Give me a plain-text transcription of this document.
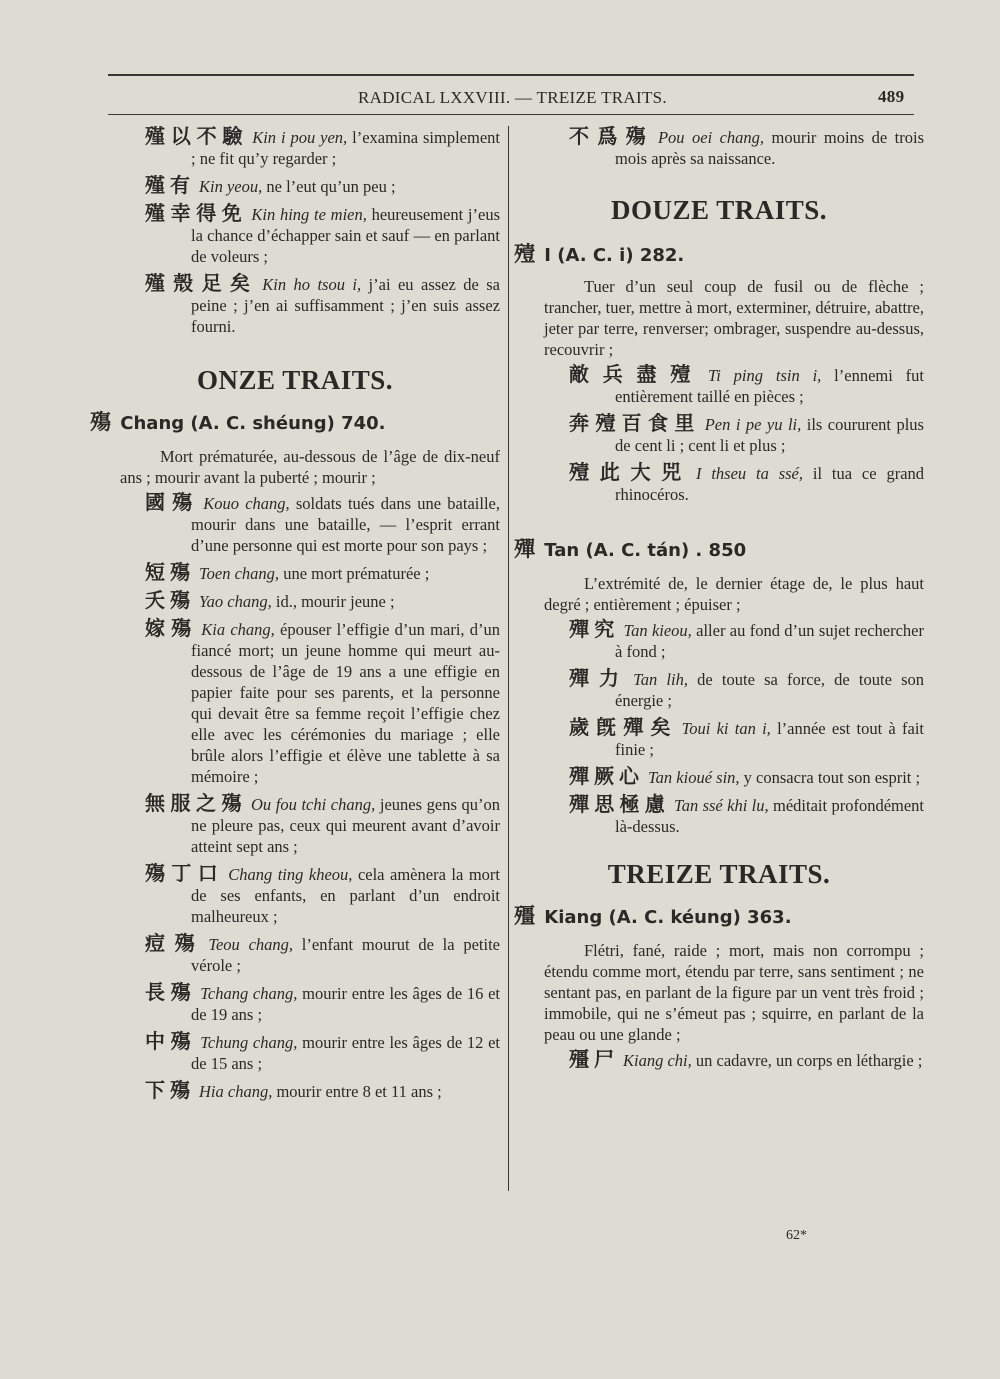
RADICAL LXXVIII. — TREIZE TRAITS.	489
殣以不驗 Kin i pou yen, l’examina simplement ; ne fit qu’y regarder ;
殣有 Kin yeou, ne l’eut qu’un peu ;
殣幸得免 Kin hing te mien, heureusement j’eus la chance d’échapper sain et sauf — en parlant de voleurs ;
殣殼足矣 Kin ho tsou i, j’ai eu assez de sa peine ; j’en ai suffisamment ; j’en suis assez fourni.
ONZE TRAITS.
殤 Chang (A. C. shéung) 740.

Mort prématurée, au-dessous de l’âge de dix-neuf ans ; mourir avant la puberté ; mourir ;

國殤 Kouo chang, soldats tués dans une bataille, mourir dans une bataille, — l’esprit errant d’une personne qui est morte pour son pays ;
短殤 Toen chang, une mort prématurée ;
夭殤 Yao chang, id., mourir jeune ;
嫁殤 Kia chang, épouser l’effigie d’un mari, d’un fiancé mort; un jeune homme qui meurt au-dessous de l’âge de 19 ans a une effigie en papier faite pour ses parents, et la personne qui devait être sa femme reçoit l’effigie chez elle avec les cérémonies du mariage ; elle brûle alors l’effigie et élève une tablette à sa mémoire ;
無服之殤 Ou fou tchi chang, jeunes gens qu’on ne pleure pas, ceux qui meurent avant d’avoir atteint sept ans ;
殤丁口 Chang ting kheou, cela amènera la mort de ses enfants, en parlant d’un endroit malheureux ;
痘殤 Teou chang, l’enfant mourut de la petite vérole ;
長殤 Tchang chang, mourir entre les âges de 16 et de 19 ans ;
中殤 Tchung chang, mourir entre les âges de 12 et de 15 ans ;
下殤 Hia chang, mourir entre 8 et 11 ans ;
不爲殤 Pou oei chang, mourir moins de trois mois après sa naissance.
DOUZE TRAITS.
殪 I (A. C. i) 282.

Tuer d’un seul coup de fusil ou de flèche ; trancher, tuer, mettre à mort, exterminer, détruire, abattre, jeter par terre, renverser; ombrager, suspendre au-dessus, recouvrir ;

敵兵盡殪 Ti ping tsin i, l’ennemi fut entièrement taillé en pièces ;
奔殪百食里 Pen i pe yu li, ils coururent plus de cent li ; cent li et plus ;
殪此大兕 I thseu ta ssé, il tua ce grand rhinocéros.
殫 Tan (A. C. tán) . 850

L’extrémité de, le dernier étage de, le plus haut degré ; entièrement ; épuiser ;

殫究 Tan kieou, aller au fond d’un sujet rechercher à fond ;
殫力 Tan lih, de toute sa force, de toute son énergie ;
歲旣殫矣 Toui ki tan i, l’année est tout à fait finie ;
殫厥心 Tan kioué sin, y consacra tout son esprit ;
殫思極慮 Tan ssé khi lu, méditait profondément là-dessus.
TREIZE TRAITS.
殭 Kiang (A. C. kéung) 363.

Flétri, fané, raide ; mort, mais non corrompu ; étendu comme mort, étendu par terre, sans sentiment ; ne sentant pas, en parlant de la figure par un vent très froid ; immobile, qui ne s’émeut pas ; squirre, en parlant de la peau ou une glande ;

殭尸 Kiang chi, un cadavre, un corps en léthargie ;
62*
